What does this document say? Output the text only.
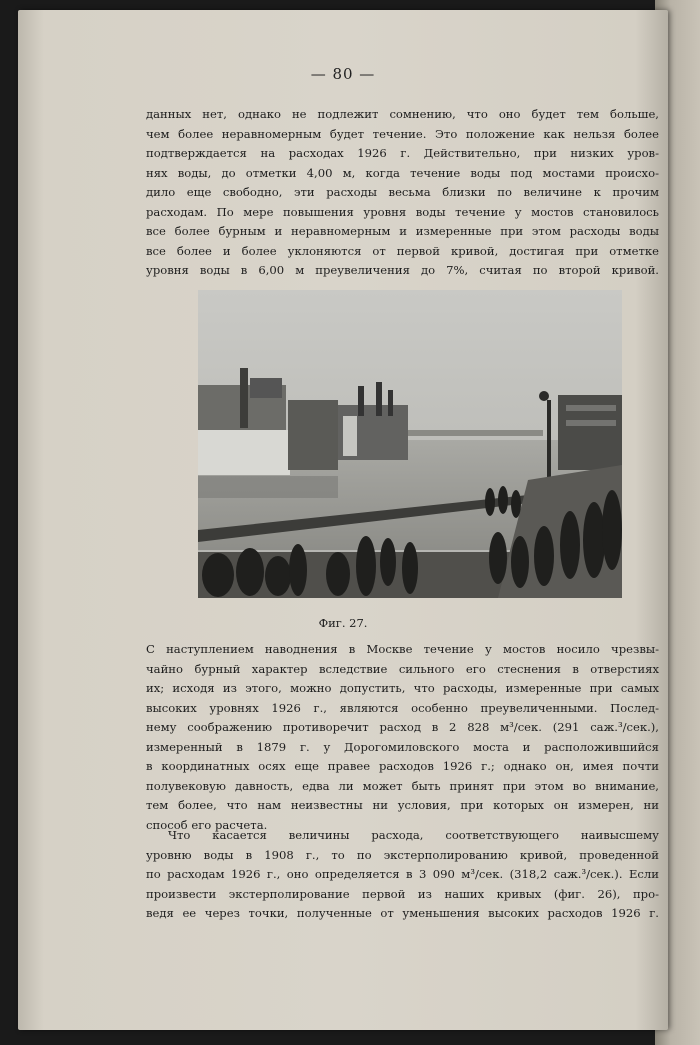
— 80 —
данных нет, однако не подлежит сомнению, что оно будет тем больше,
чем более неравномерным будет течение. Это положение как нельзя более
подтверждается на расходах 1926 г. Действительно, при низких уров-
нях воды, до отметки 4,00 м, когда течение воды под мостами происхо-
дило еще свободно, эти расходы весьма близки по величине к прочим
расходам. По мере повышения уровня воды течение у мостов становилось
все более бурным и неравномерным и измеренные при этом расходы воды
все более и более уклоняются от первой кривой, достигая при отметке
уровня воды в 6,00 м преувеличения до 7%, считая по второй кривой.
Фиг. 27.
С наступлением наводнения в Москве течение у мостов носило чрезвы-
чайно бурный характер вследствие сильного его стеснения в отверстиях
их; исходя из этого, можно допустить, что расходы, измеренные при самых
высоких уровнях 1926 г., являются особенно преувеличенными. Послед-
нему соображению противоречит расход в 2 828 м³/сек. (291 саж.³/сек.),
измеренный в 1879 г. у Дорогомиловского моста и расположившийся
в координатных осях еще правее расходов 1926 г.; однако он, имея почти
полувековую давность, едва ли может быть принят при этом во внимание,
тем более, что нам неизвестны ни условия, при которых он измерен, ни
способ его расчета.
Что касается величины расхода, соответствующего наивысшему
уровню воды в 1908 г., то по экстерполированию кривой, проведенной
по расходам 1926 г., оно определяется в 3 090 м³/сек. (318,2 саж.³/сек.). Если
произвести экстерполирование первой из наших кривых (фиг. 26), про-
ведя ее через точки, полученные от уменьшения высоких расходов 1926 г.
